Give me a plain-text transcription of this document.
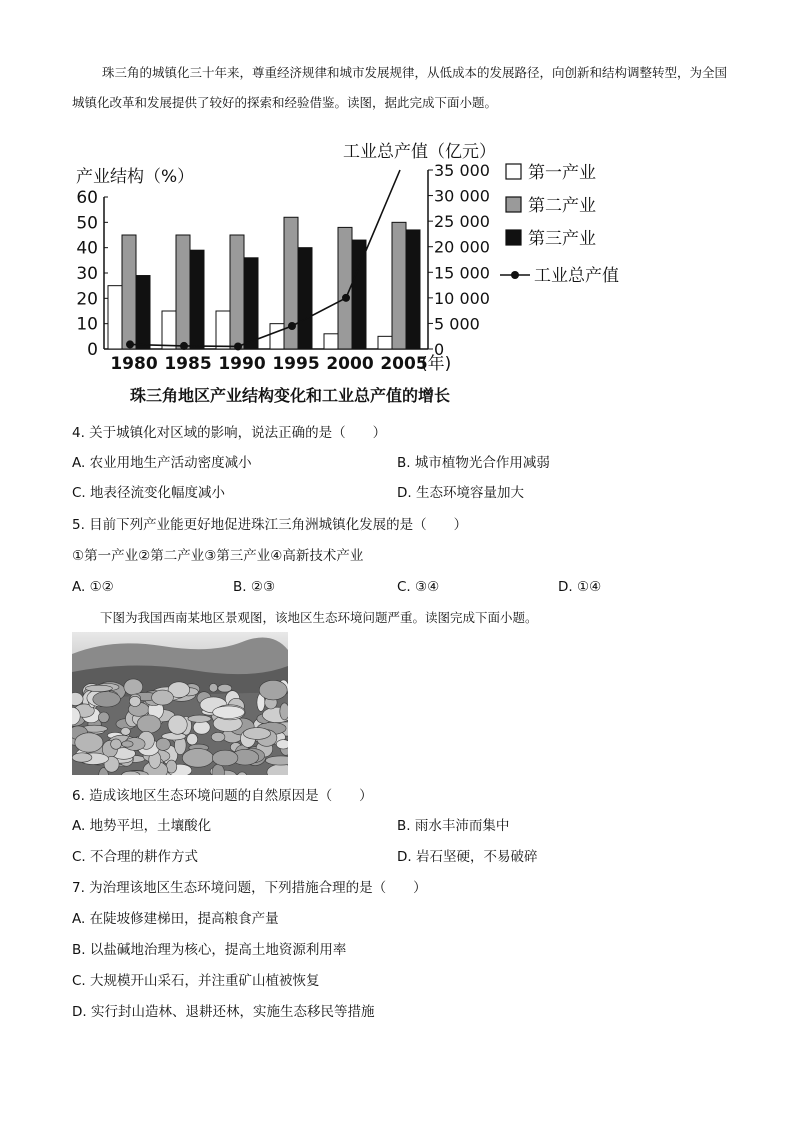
珠三角的城镇化三十年来，尊重经济规律和城市发展规律，从低成本的发展路径，向创新和结构调整转型，为全国城镇化改革和发展提供了较好的探索和经验借鉴。读图，据此完成下面小题。

0
10
20
30
40
50
60
0
5 000
10 000
15 000
20 000
25 000
30 000
35 000
产业结构（%）
工业总产值（亿元）
1980 1985 1990 1995 2000 2005
(年)
第一产业
第二产业
第三产业
工业总产值
珠三角地区产业结构变化和工业总产值的增长
4. 关于城镇化对区域的影响，说法正确的是（　　）
A. 农业用地生产活动密度减小	B. 城市植物光合作用减弱
C. 地表径流变化幅度减小	D. 生态环境容量加大
5. 目前下列产业能更好地促进珠江三角洲城镇化发展的是（　　）
①第一产业②第二产业③第三产业④高新技术产业
A. ①②	B. ②③	C. ③④	D. ①④
下图为我国西南某地区景观图，该地区生态环境问题严重。读图完成下面小题。
6. 造成该地区生态环境问题的自然原因是（　　）
A. 地势平坦，土壤酸化	B. 雨水丰沛而集中
C. 不合理的耕作方式	D. 岩石坚硬，不易破碎
7. 为治理该地区生态环境问题，下列措施合理的是（　　）
A. 在陡坡修建梯田，提高粮食产量
B. 以盐碱地治理为核心，提高土地资源利用率
C. 大规模开山采石，并注重矿山植被恢复
D. 实行封山造林、退耕还林，实施生态移民等措施
